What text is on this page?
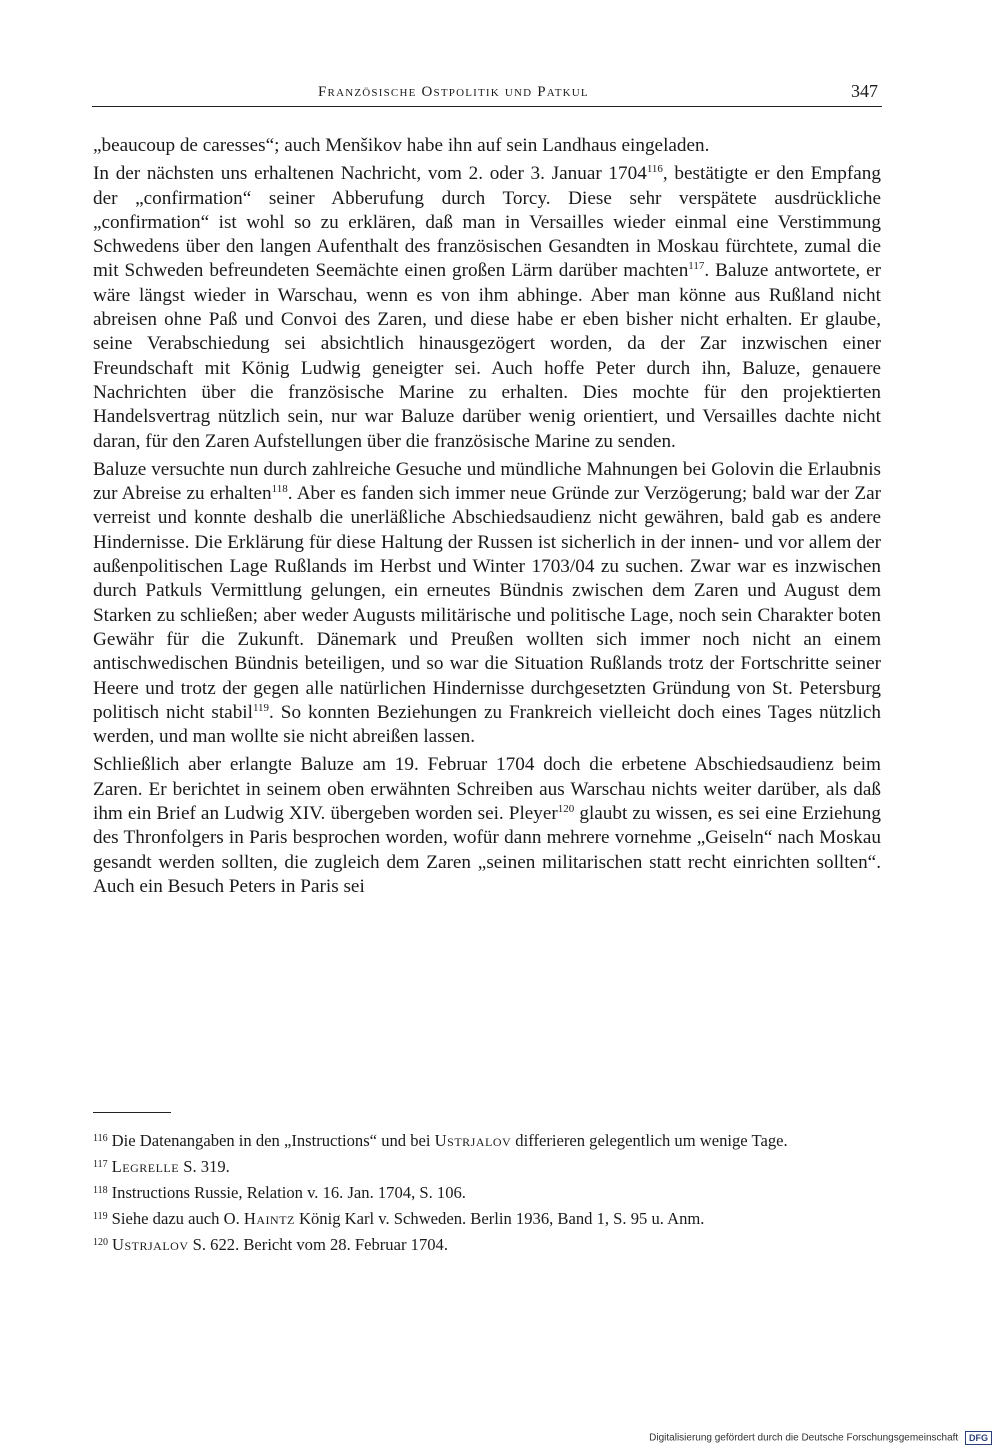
Französische Ostpolitik und Patkul	347

„beaucoup de caresses“; auch Menšikov habe ihn auf sein Landhaus eingeladen.

In der nächsten uns erhaltenen Nachricht, vom 2. oder 3. Januar 1704$^{116}$, bestätigte er den Empfang der „confirmation“ seiner Abberufung durch Torcy. Diese sehr verspätete ausdrückliche „confirmation“ ist wohl so zu erklären, daß man in Versailles wieder einmal eine Verstimmung Schwedens über den langen Aufenthalt des französischen Gesandten in Moskau fürchtete, zumal die mit Schweden befreundeten Seemächte einen großen Lärm darüber machten$^{117}$. Baluze antwortete, er wäre längst wieder in Warschau, wenn es von ihm abhinge. Aber man könne aus Rußland nicht abreisen ohne Paß und Convoi des Zaren, und diese habe er eben bisher nicht erhalten. Er glaube, seine Verabschiedung sei absichtlich hinausgezögert worden, da der Zar inzwischen einer Freundschaft mit König Ludwig geneigter sei. Auch hoffe Peter durch ihn, Baluze, genauere Nachrichten über die französische Marine zu erhalten. Dies mochte für den projektierten Handelsvertrag nützlich sein, nur war Baluze darüber wenig orientiert, und Versailles dachte nicht daran, für den Zaren Aufstellungen über die französische Marine zu senden.

Baluze versuchte nun durch zahlreiche Gesuche und mündliche Mahnungen bei Golovin die Erlaubnis zur Abreise zu erhalten$^{118}$. Aber es fanden sich immer neue Gründe zur Verzögerung; bald war der Zar verreist und konnte deshalb die unerläßliche Abschiedsaudienz nicht gewähren, bald gab es andere Hindernisse. Die Erklärung für diese Haltung der Russen ist sicherlich in der innen- und vor allem der außenpolitischen Lage Rußlands im Herbst und Winter 1703/04 zu suchen. Zwar war es inzwischen durch Patkuls Vermittlung gelungen, ein erneutes Bündnis zwischen dem Zaren und August dem Starken zu schließen; aber weder Augusts militärische und politische Lage, noch sein Charakter boten Gewähr für die Zukunft. Dänemark und Preußen wollten sich immer noch nicht an einem antischwedischen Bündnis beteiligen, und so war die Situation Rußlands trotz der Fortschritte seiner Heere und trotz der gegen alle natürlichen Hindernisse durchgesetzten Gründung von St. Petersburg politisch nicht stabil$^{119}$. So konnten Beziehungen zu Frankreich vielleicht doch eines Tages nützlich werden, und man wollte sie nicht abreißen lassen.

Schließlich aber erlangte Baluze am 19. Februar 1704 doch die erbetene Abschiedsaudienz beim Zaren. Er berichtet in seinem oben erwähnten Schreiben aus Warschau nichts weiter darüber, als daß ihm ein Brief an Ludwig XIV. übergeben worden sei. Pleyer$^{120}$ glaubt zu wissen, es sei eine Erziehung des Thronfolgers in Paris besprochen worden, wofür dann mehrere vornehme „Geiseln“ nach Moskau gesandt werden sollten, die zugleich dem Zaren „seinen militarischen statt recht einrichten sollten“. Auch ein Besuch Peters in Paris sei

$^{116}$ Die Datenangaben in den „Instructions“ und bei Ustrjalov differieren gelegentlich um wenige Tage.

$^{117}$ Legrelle S. 319.

$^{118}$ Instructions Russie, Relation v. 16. Jan. 1704, S. 106.

$^{119}$ Siehe dazu auch O. Haintz König Karl v. Schweden. Berlin 1936, Band 1, S. 95 u. Anm.

$^{120}$ Ustrjalov S. 622. Bericht vom 28. Februar 1704.

Digitalisierung gefördert durch die Deutsche Forschungsgemeinschaft DFG
